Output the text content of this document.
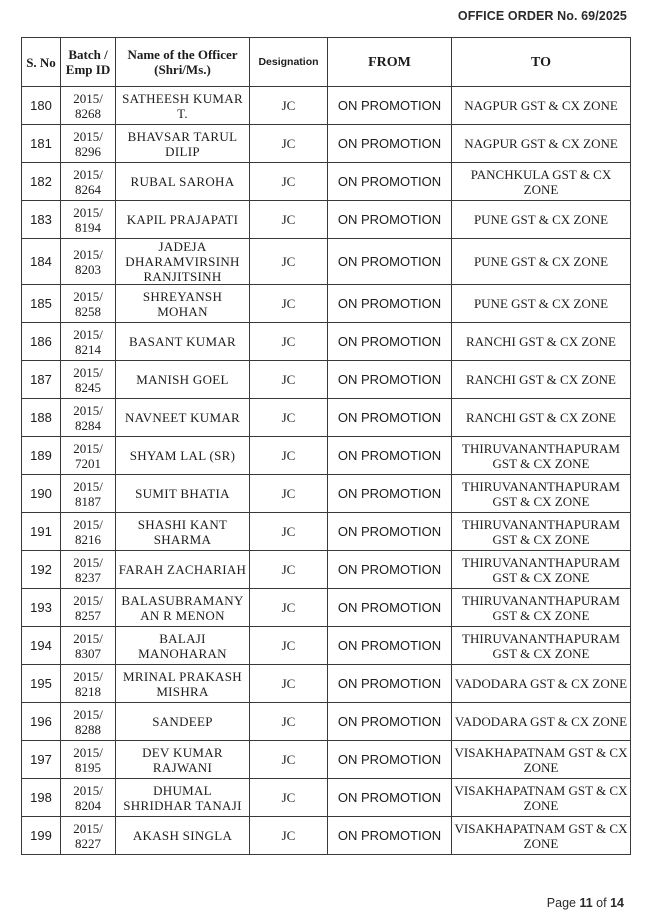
OFFICE ORDER No. 69/2025
S. No	Batch / Emp ID	Name of the Officer (Shri/Ms.)	Designation	FROM	TO
180	2015/ 8268	SATHEESH KUMAR T.	JC	ON PROMOTION	NAGPUR GST & CX ZONE
181	2015/ 8296	BHAVSAR TARUL DILIP	JC	ON PROMOTION	NAGPUR GST & CX ZONE
182	2015/ 8264	RUBAL SAROHA	JC	ON PROMOTION	PANCHKULA GST & CX ZONE
183	2015/ 8194	KAPIL PRAJAPATI	JC	ON PROMOTION	PUNE GST & CX ZONE
184	2015/ 8203	JADEJA DHARAMVIRSINH RANJITSINH	JC	ON PROMOTION	PUNE GST & CX ZONE
185	2015/ 8258	SHREYANSH MOHAN	JC	ON PROMOTION	PUNE GST & CX ZONE
186	2015/ 8214	BASANT KUMAR	JC	ON PROMOTION	RANCHI GST & CX ZONE
187	2015/ 8245	MANISH GOEL	JC	ON PROMOTION	RANCHI GST & CX ZONE
188	2015/ 8284	NAVNEET KUMAR	JC	ON PROMOTION	RANCHI GST & CX ZONE
189	2015/ 7201	SHYAM LAL (SR)	JC	ON PROMOTION	THIRUVANANTHAPURAM GST & CX ZONE
190	2015/ 8187	SUMIT BHATIA	JC	ON PROMOTION	THIRUVANANTHAPURAM GST & CX ZONE
191	2015/ 8216	SHASHI KANT SHARMA	JC	ON PROMOTION	THIRUVANANTHAPURAM GST & CX ZONE
192	2015/ 8237	FARAH ZACHARIAH	JC	ON PROMOTION	THIRUVANANTHAPURAM GST & CX ZONE
193	2015/ 8257	BALASUBRAMANY AN R MENON	JC	ON PROMOTION	THIRUVANANTHAPURAM GST & CX ZONE
194	2015/ 8307	BALAJI MANOHARAN	JC	ON PROMOTION	THIRUVANANTHAPURAM GST & CX ZONE
195	2015/ 8218	MRINAL PRAKASH MISHRA	JC	ON PROMOTION	VADODARA GST & CX ZONE
196	2015/ 8288	SANDEEP	JC	ON PROMOTION	VADODARA GST & CX ZONE
197	2015/ 8195	DEV KUMAR RAJWANI	JC	ON PROMOTION	VISAKHAPATNAM GST & CX ZONE
198	2015/ 8204	DHUMAL SHRIDHAR TANAJI	JC	ON PROMOTION	VISAKHAPATNAM GST & CX ZONE
199	2015/ 8227	AKASH SINGLA	JC	ON PROMOTION	VISAKHAPATNAM GST & CX ZONE
Page 11 of 14
